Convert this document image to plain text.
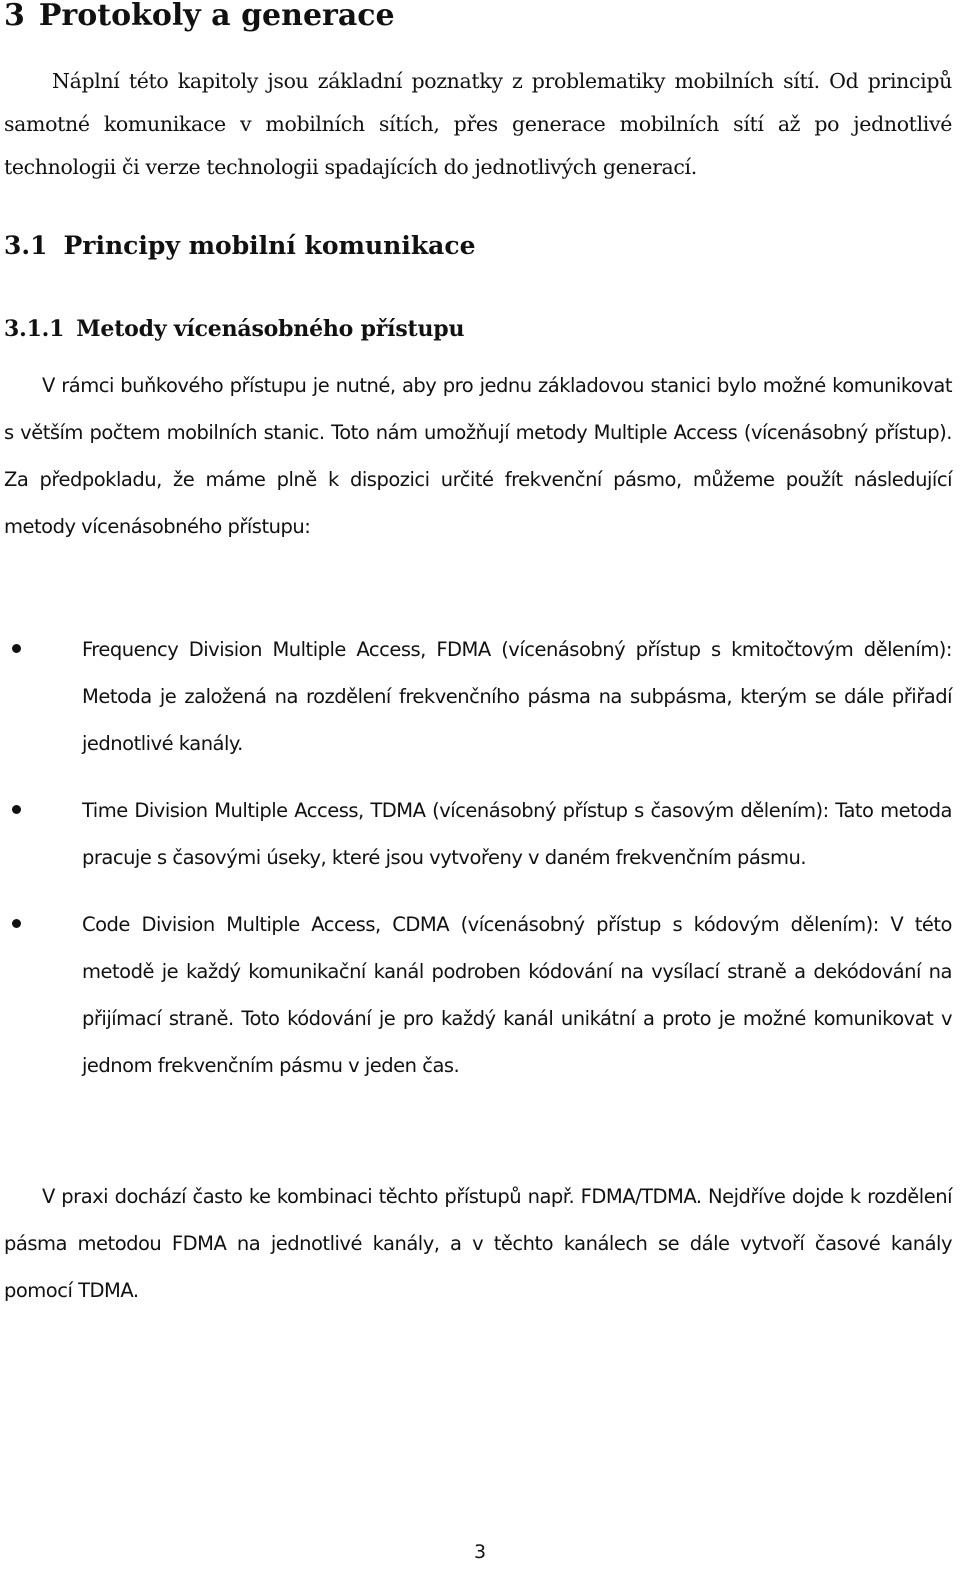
3 Protokoly a generace

Náplní této kapitoly jsou základní poznatky z problematiky mobilních sítí. Od principů samotné komunikace v mobilních sítích, přes generace mobilních sítí až po jednotlivé technologii či verze technologii spadajících do jednotlivých generací.

3.1 Principy mobilní komunikace
3.1.1 Metody vícenásobného přístupu

V rámci buňkového přístupu je nutné, aby pro jednu základovou stanici bylo možné komunikovat s větším počtem mobilních stanic. Toto nám umožňují metody Multiple Access (vícenásobný přístup). Za předpokladu, že máme plně k dispozici určité frekvenční pásmo, můžeme použít následující metody vícenásobného přístupu:

Frequency Division Multiple Access, FDMA (vícenásobný přístup s kmitočtovým dělením): Metoda je založená na rozdělení frekvenčního pásma na subpásma, kterým se dále přiřadí jednotlivé kanály.
Time Division Multiple Access, TDMA (vícenásobný přístup s časovým dělením): Tato metoda pracuje s časovými úseky, které jsou vytvořeny v daném frekvenčním pásmu.
Code Division Multiple Access, CDMA (vícenásobný přístup s kódovým dělením): V této metodě je každý komunikační kanál podroben kódování na vysílací straně a dekódování na přijímací straně. Toto kódování je pro každý kanál unikátní a proto je možné komunikovat v jednom frekvenčním pásmu v jeden čas.

V praxi dochází často ke kombinaci těchto přístupů např. FDMA/TDMA. Nejdříve dojde k rozdělení pásma metodou FDMA na jednotlivé kanály, a v těchto kanálech se dále vytvoří časové kanály pomocí TDMA.

3
